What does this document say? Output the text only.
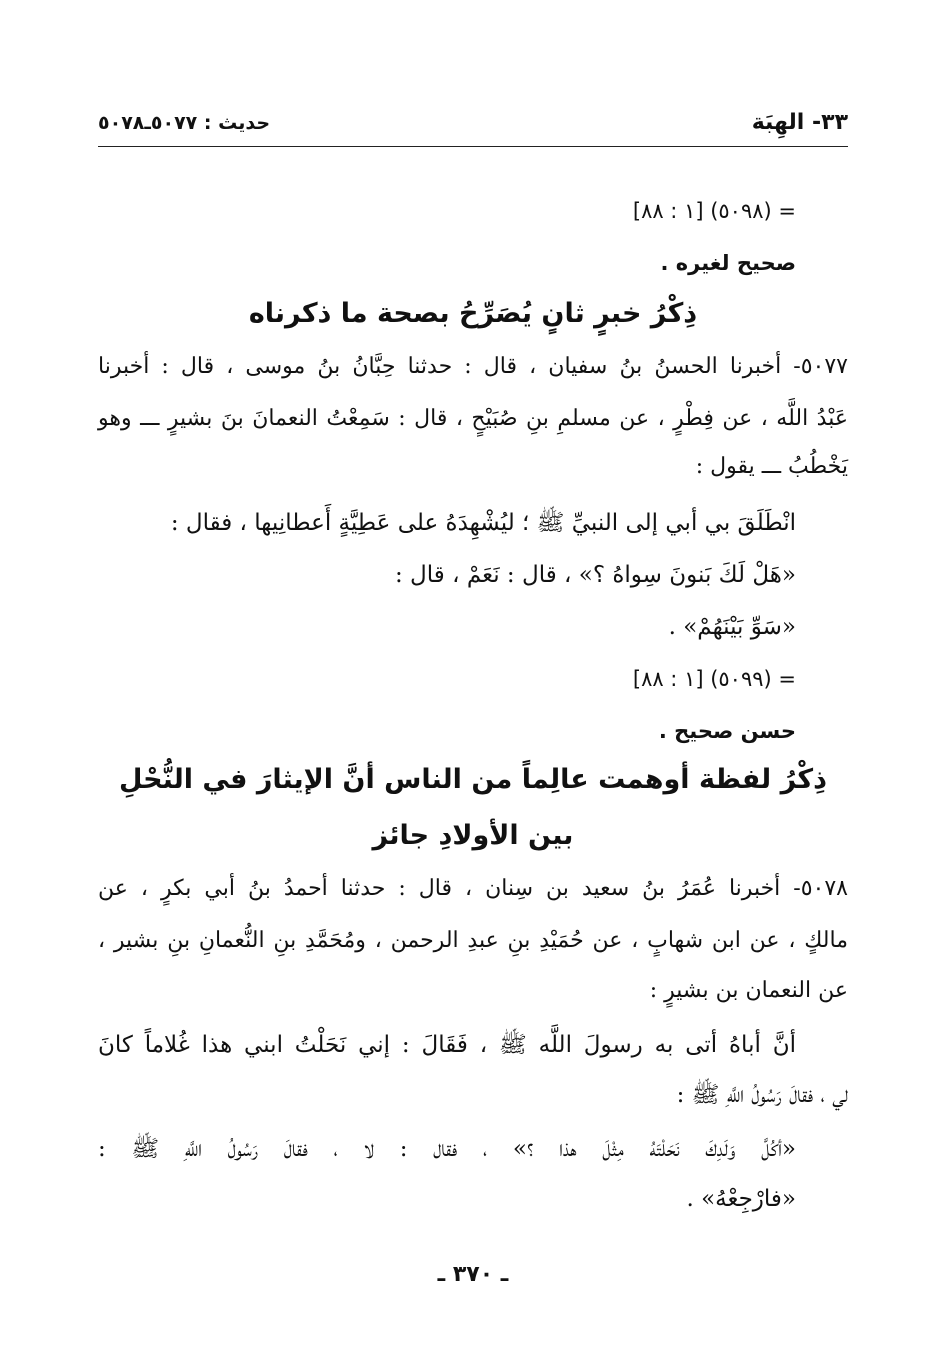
٣٣- الهِبَة
حديث : ٥٠٧٧ـ٥٠٧٨
= (٥٠٩٨) [١ : ٨٨]
صحيح لغيره .
ذِكْرُ خبرٍ ثانٍ يُصَرِّحُ بصحة ما ذكرناه
٥٠٧٧- أخبرنا الحسنُ بنُ سفيان ، قال : حدثنا حِبَّانُ بنُ موسى ، قال : أخبرنا
عَبْدُ اللَّه ، عن فِطْرٍ ، عن مسلمِ بنِ صُبَيْحٍ ، قال : سَمِعْتُ النعمانَ بنَ بشيرٍ ـــ وهو
يَخْطُبُ ـــ يقول :
انْطَلَقَ بي أبي إلى النبيِّ ﷺ ؛ ليُشْهِدَهُ على عَطِيَّةٍ أَعطانِيها ، فقال :
«هَلْ لَكَ بَنونَ سِواهُ ؟» ، قال : نَعَمْ ، قال :
«سَوِّ بَيْنَهُمْ» .
= (٥٠٩٩) [١ : ٨٨]
حسن صحيح .
ذِكْرُ لفظة أوهمت عالِماً من الناس أنَّ الإيثارَ في النُّحْلِ
بين الأولادِ جائز
٥٠٧٨- أخبرنا عُمَرُ بنُ سعيد بن سِنان ، قال : حدثنا أحمدُ بنُ أبي بكرٍ ، عن
مالكٍ ، عن ابن شهابٍ ، عن حُمَيْدِ بنِ عبدِ الرحمن ، ومُحَمَّدِ بنِ النُّعمانِ بنِ بشير ،
عن النعمان بن بشيرٍ :
أنَّ أباهُ أتى به رسولَ اللَّه ﷺ ، فَقَالَ : إني نَحَلْتُ ابني هذا غُلاماً كانَ
لي ، فقالَ رَسُولُ اللَّهِ ﷺ :
«أكُلَّ وَلَدِكَ نَحَلْتَهُ مِثْلَ هذا ؟» ، فقال : لا ، فقالَ رَسُولُ اللَّهِ ﷺ :
«فارْجِعْهُ» .
ـ ٣٧٠ ـ
